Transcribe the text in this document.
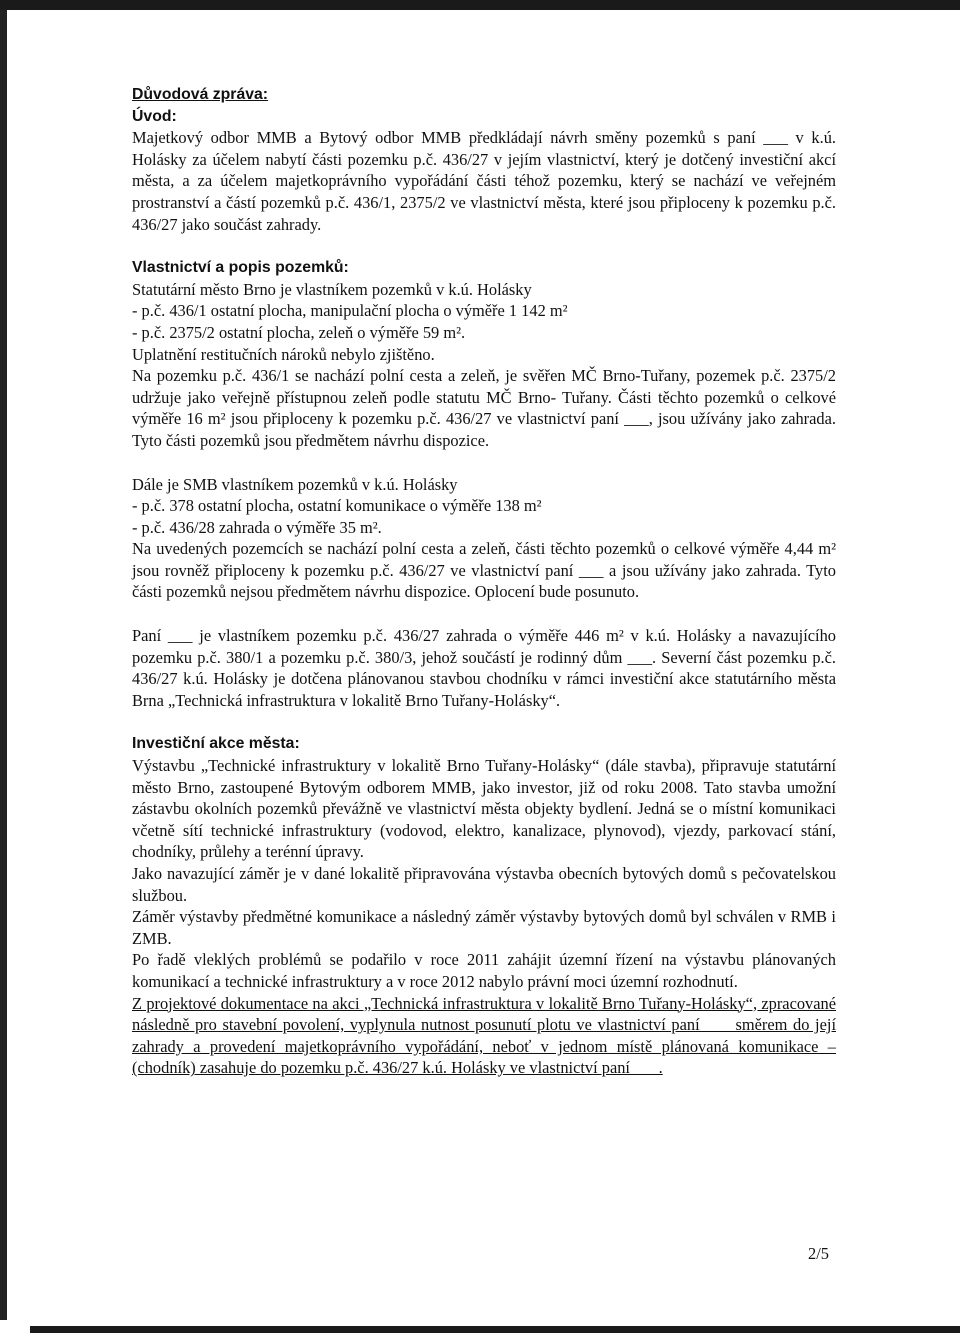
Důvodová zpráva:
Úvod:

Majetkový odbor MMB a Bytový odbor MMB předkládají návrh směny pozemků s paní ___ v k.ú. Holásky za účelem nabytí části pozemku p.č. 436/27 v jejím vlastnictví, který je dotčený investiční akcí města, a za účelem majetkoprávního vypořádání části téhož pozemku, který se nachází ve veřejném prostranství a částí pozemků p.č. 436/1, 2375/2 ve vlastnictví města, které jsou připloceny k pozemku p.č. 436/27 jako součást zahrady.

Vlastnictví a popis pozemků:
Statutární město Brno je vlastníkem pozemků v k.ú. Holásky
- p.č. 436/1 ostatní plocha, manipulační plocha o výměře 1 142 m²
- p.č. 2375/2 ostatní plocha, zeleň o výměře 59 m².
Uplatnění restitučních nároků nebylo zjištěno.

Na pozemku p.č. 436/1 se nachází polní cesta a zeleň, je svěřen MČ Brno-Tuřany, pozemek p.č. 2375/2 udržuje jako veřejně přístupnou zeleň podle statutu MČ Brno- Tuřany. Části těchto pozemků o celkové výměře 16 m² jsou připloceny k pozemku p.č. 436/27 ve vlastnictví paní ___, jsou užívány jako zahrada. Tyto části pozemků jsou předmětem návrhu dispozice.

Dále je SMB vlastníkem pozemků v k.ú. Holásky
- p.č. 378 ostatní plocha, ostatní komunikace o výměře 138 m²
- p.č. 436/28 zahrada o výměře 35 m².

Na uvedených pozemcích se nachází polní cesta a zeleň, části těchto pozemků o celkové výměře 4,44 m² jsou rovněž připloceny k pozemku p.č. 436/27 ve vlastnictví paní ___ a jsou užívány jako zahrada. Tyto části pozemků nejsou předmětem návrhu dispozice. Oplocení bude posunuto.

Paní ___ je vlastníkem pozemku p.č. 436/27 zahrada o výměře 446 m² v k.ú. Holásky a navazujícího pozemku p.č. 380/1 a pozemku p.č. 380/3, jehož součástí je rodinný dům ___. Severní část pozemku p.č. 436/27 k.ú. Holásky je dotčena plánovanou stavbou chodníku v rámci investiční akce statutárního města Brna „Technická infrastruktura v lokalitě Brno Tuřany-Holásky“.

Investiční akce města:

Výstavbu „Technické infrastruktury v lokalitě Brno Tuřany-Holásky“ (dále stavba), připravuje statutární město Brno, zastoupené Bytovým odborem MMB, jako investor, již od roku 2008. Tato stavba umožní zástavbu okolních pozemků převážně ve vlastnictví města objekty bydlení. Jedná se o místní komunikaci včetně sítí technické infrastruktury (vodovod, elektro, kanalizace, plynovod), vjezdy, parkovací stání, chodníky, průlehy a terénní úpravy.

Jako navazující záměr je v dané lokalitě připravována výstavba obecních bytových domů s pečovatelskou službou.

Záměr výstavby předmětné komunikace a následný záměr výstavby bytových domů byl schválen v RMB i ZMB.

Po řadě vleklých problémů se podařilo v roce 2011 zahájit územní řízení na výstavbu plánovaných komunikací a technické infrastruktury a v roce 2012 nabylo právní moci územní rozhodnutí.

Z projektové dokumentace na akci „Technická infrastruktura v lokalitě Brno Tuřany-Holásky“, zpracované následně pro stavební povolení, vyplynula nutnost posunutí plotu ve vlastnictví paní ___ směrem do její zahrady a provedení majetkoprávního vypořádání, neboť v jednom místě plánovaná komunikace – (chodník) zasahuje do pozemku p.č. 436/27 k.ú. Holásky ve vlastnictví paní ___.

2/5
